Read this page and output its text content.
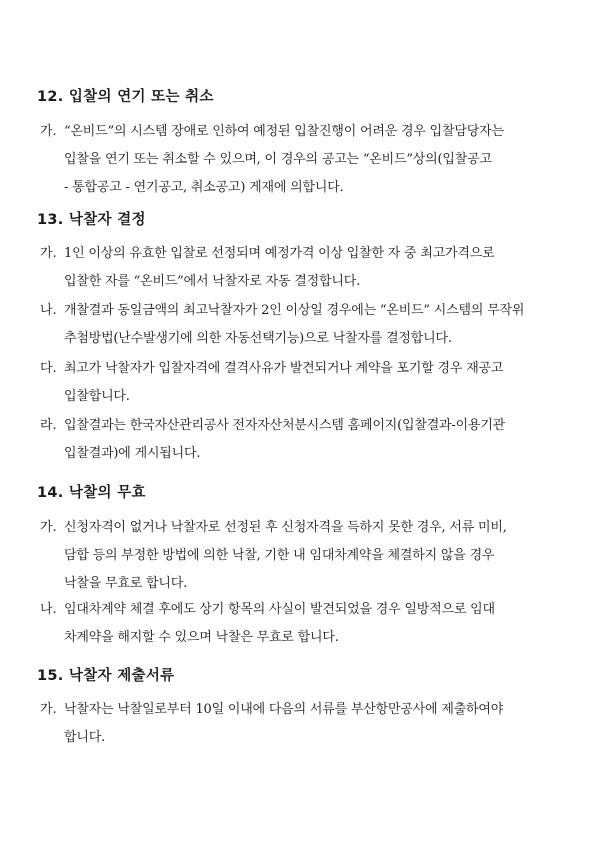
12. 입찰의 연기 또는 취소
가. “온비드”의 시스템 장애로 인하여 예정된 입찰진행이 어려운 경우 입찰담당자는
입찰을 연기 또는 취소할 수 있으며, 이 경우의 공고는 “온비드”상의(입찰공고
- 통합공고 - 연기공고, 취소공고) 게재에 의합니다.
13. 낙찰자 결정
가. 1인 이상의 유효한 입찰로 선정되며 예정가격 이상 입찰한 자 중 최고가격으로
입찰한 자를 “온비드”에서 낙찰자로 자동 결정합니다.
나. 개찰결과 동일금액의 최고낙찰자가 2인 이상일 경우에는 “온비드” 시스템의 무작위
추첨방법(난수발생기에 의한 자동선택기능)으로 낙찰자를 결정합니다.
다. 최고가 낙찰자가 입찰자격에 결격사유가 발견되거나 계약을 포기할 경우 재공고
입찰합니다.
라. 입찰결과는 한국자산관리공사 전자자산처분시스템 홈페이지(입찰결과-이용기관
입찰결과)에 게시됩니다.
14. 낙찰의 무효
가. 신청자격이 없거나 낙찰자로 선정된 후 신청자격을 득하지 못한 경우, 서류 미비,
담합 등의 부정한 방법에 의한 낙찰, 기한 내 임대차계약을 체결하지 않을 경우
낙찰을 무효로 합니다.
나. 임대차계약 체결 후에도 상기 항목의 사실이 발견되었을 경우 일방적으로 임대
차계약을 해지할 수 있으며 낙찰은 무효로 합니다.
15. 낙찰자 제출서류
가. 낙찰자는 낙찰일로부터 10일 이내에 다음의 서류를 부산항만공사에 제출하여야
합니다.
